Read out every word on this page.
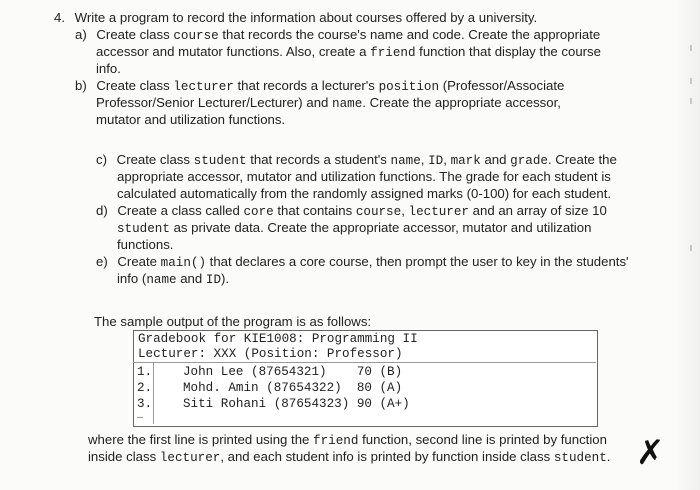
4. Write a program to record the information about courses offered by a university.
a) Create class course that records the course's name and code. Create the appropriate
accessor and mutator functions. Also, create a friend function that display the course
info.
b) Create class lecturer that records a lecturer's position (Professor/Associate
Professor/Senior Lecturer/Lecturer) and name. Create the appropriate accessor,
mutator and utilization functions.
c) Create class student that records a student's name, ID, mark and grade. Create the
appropriate accessor, mutator and utilization functions. The grade for each student is
calculated automatically from the randomly assigned marks (0-100) for each student.
d) Create a class called core that contains course, lecturer and an array of size 10
student as private data. Create the appropriate accessor, mutator and utilization
functions.
e) Create main() that declares a core course, then prompt the user to key in the students'
info (name and ID).
The sample output of the program is as follows:
Gradebook for KIE1008: Programming II
Lecturer: XXX (Position: Professor)
1. John Lee (87654321)    70 (B)
2. Mohd. Amin (87654322)  80 (A)
3. Siti Rohani (87654323) 90 (A+)
…
where the first line is printed using the friend function, second line is printed by function
inside class lecturer, and each student info is printed by function inside class student. ✗
